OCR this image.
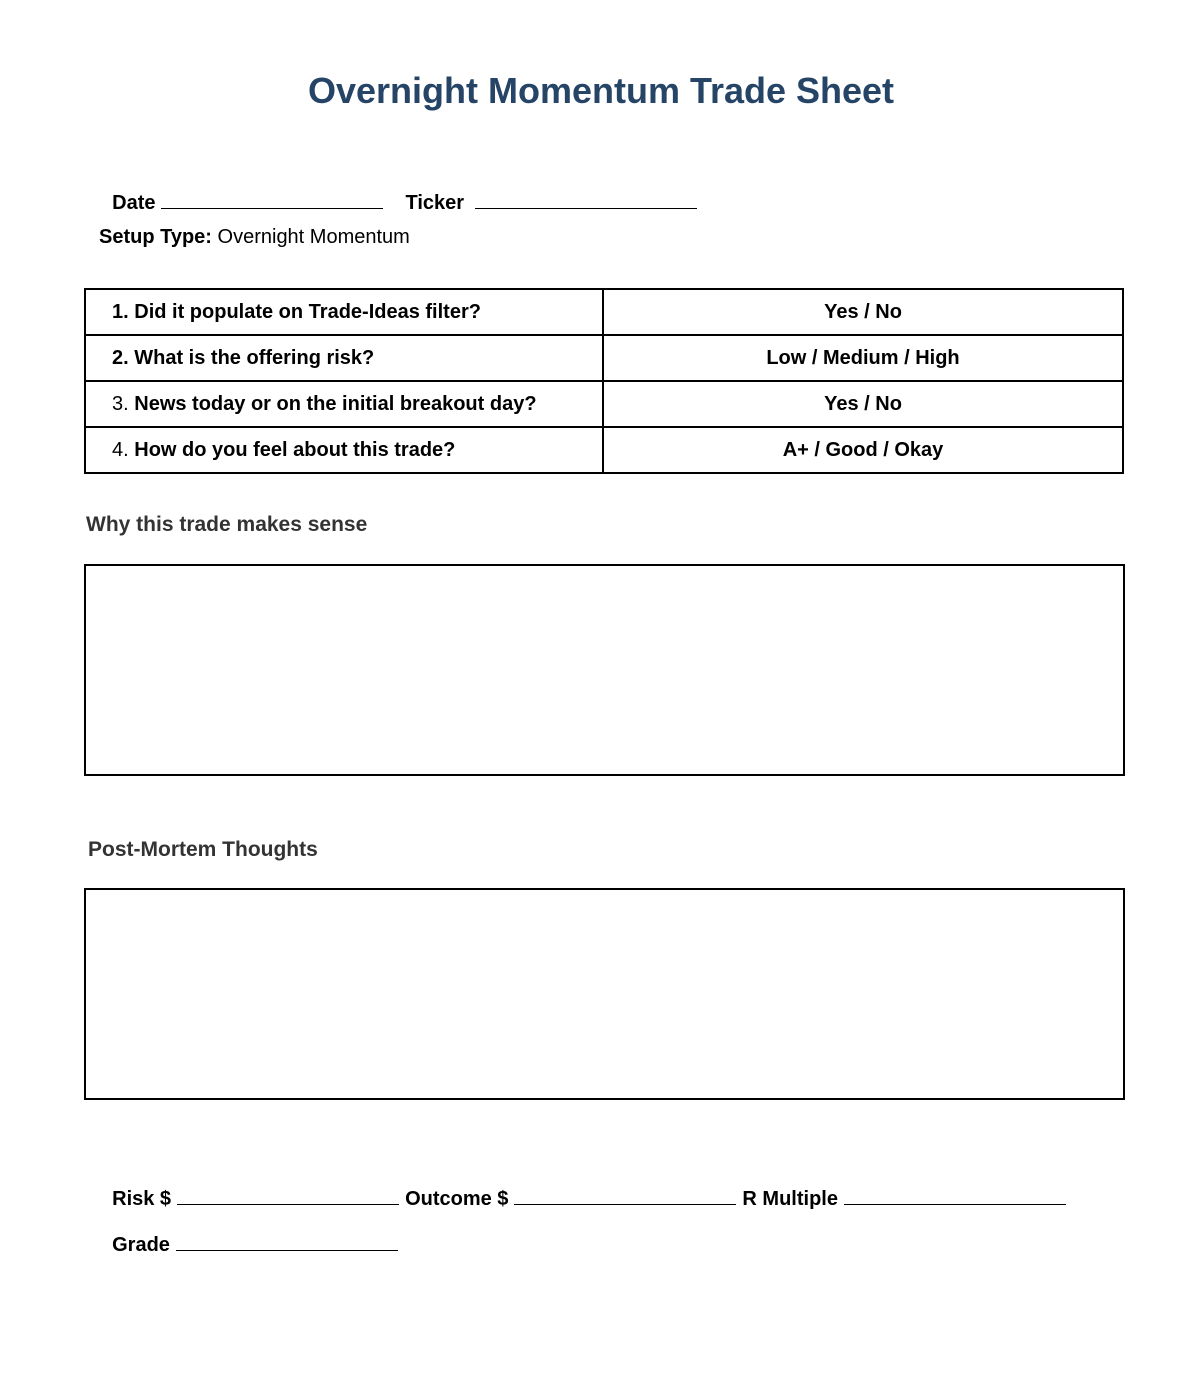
Overnight Momentum Trade Sheet

Date	Ticker

Setup Type: Overnight Momentum
1. Did it populate on Trade-Ideas filter?	Yes / No
2. What is the offering risk?	Low / Medium / High
3. News today or on the initial breakout day?	Yes / No
4. How do you feel about this trade?	A+ / Good / Okay
Why this trade makes sense
Post-Mortem Thoughts

Risk $	Outcome $	R Multiple

Grade
